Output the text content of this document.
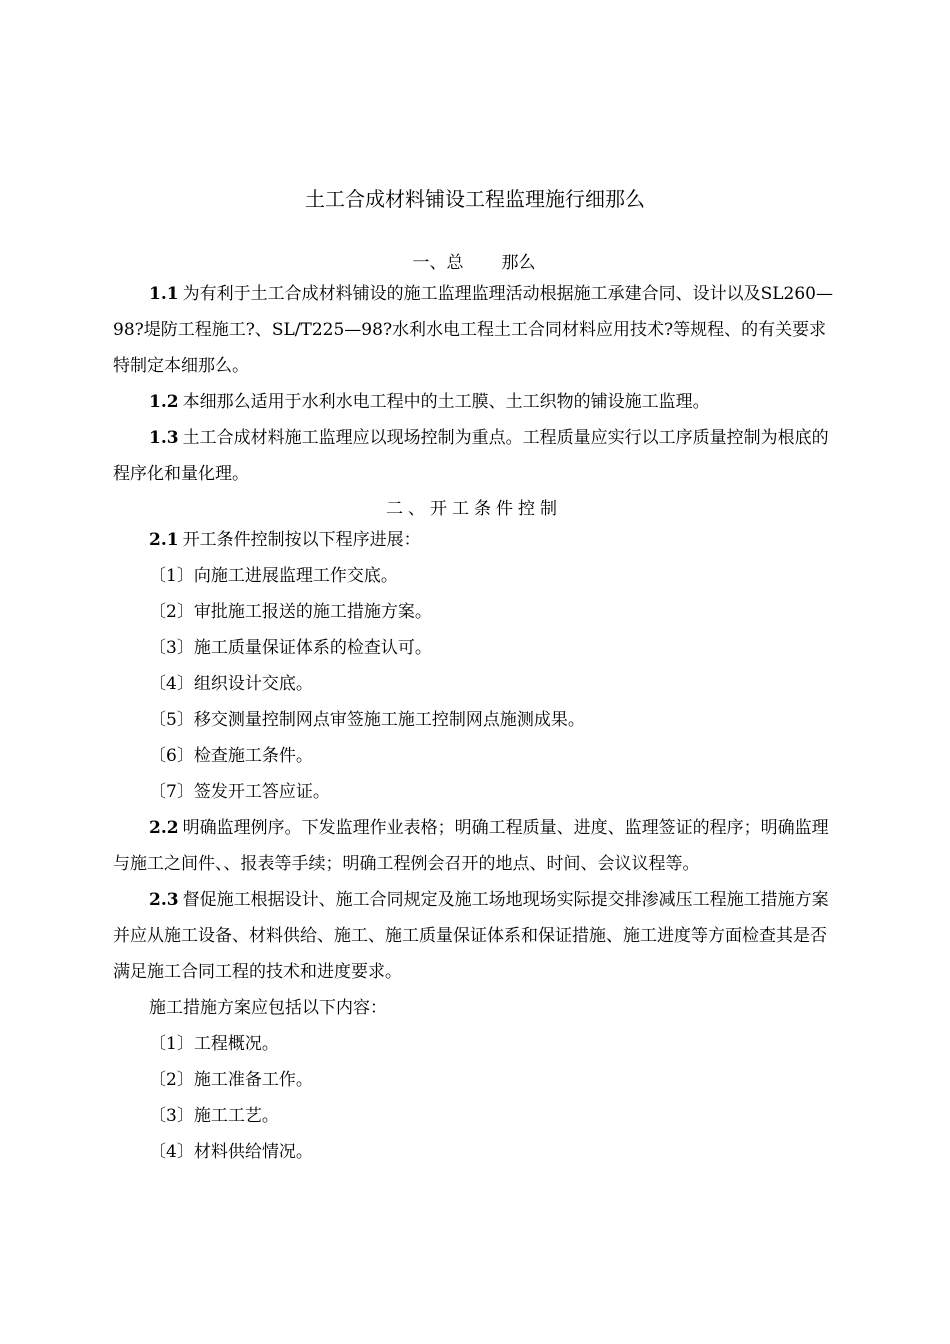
土工合成材料铺设工程监理施行细那么
一、总 那么

1.1 为有利于土工合成材料铺设的施工监理监理活动根据施工承建合同、设计以及SL260—98?堤防工程施工?、SL/T225—98?水利水电工程土工合同材料应用技术?等规程、的有关要求特制定本细那么。

1.2 本细那么适用于水利水电工程中的土工膜、土工织物的铺设施工监理。

1.3 土工合成材料施工监理应以现场控制为重点。工程质量应实行以工序质量控制为根底的程序化和量化理。

二、开工条件控制

2.1 开工条件控制按以下程序进展：

〔1〕向施工进展监理工作交底。

〔2〕审批施工报送的施工措施方案。

〔3〕施工质量保证体系的检查认可。

〔4〕组织设计交底。

〔5〕移交测量控制网点审签施工施工控制网点施测成果。

〔6〕检查施工条件。

〔7〕签发开工答应证。

2.2 明确监理例序。下发监理作业表格；明确工程质量、进度、监理签证的程序；明确监理与施工之间件、、报表等手续；明确工程例会召开的地点、时间、会议议程等。

2.3 督促施工根据设计、施工合同规定及施工场地现场实际提交排渗减压工程施工措施方案并应从施工设备、材料供给、施工、施工质量保证体系和保证措施、施工进度等方面检查其是否满足施工合同工程的技术和进度要求。

施工措施方案应包括以下内容：

〔1〕工程概况。

〔2〕施工准备工作。

〔3〕施工工艺。

〔4〕材料供给情况。
